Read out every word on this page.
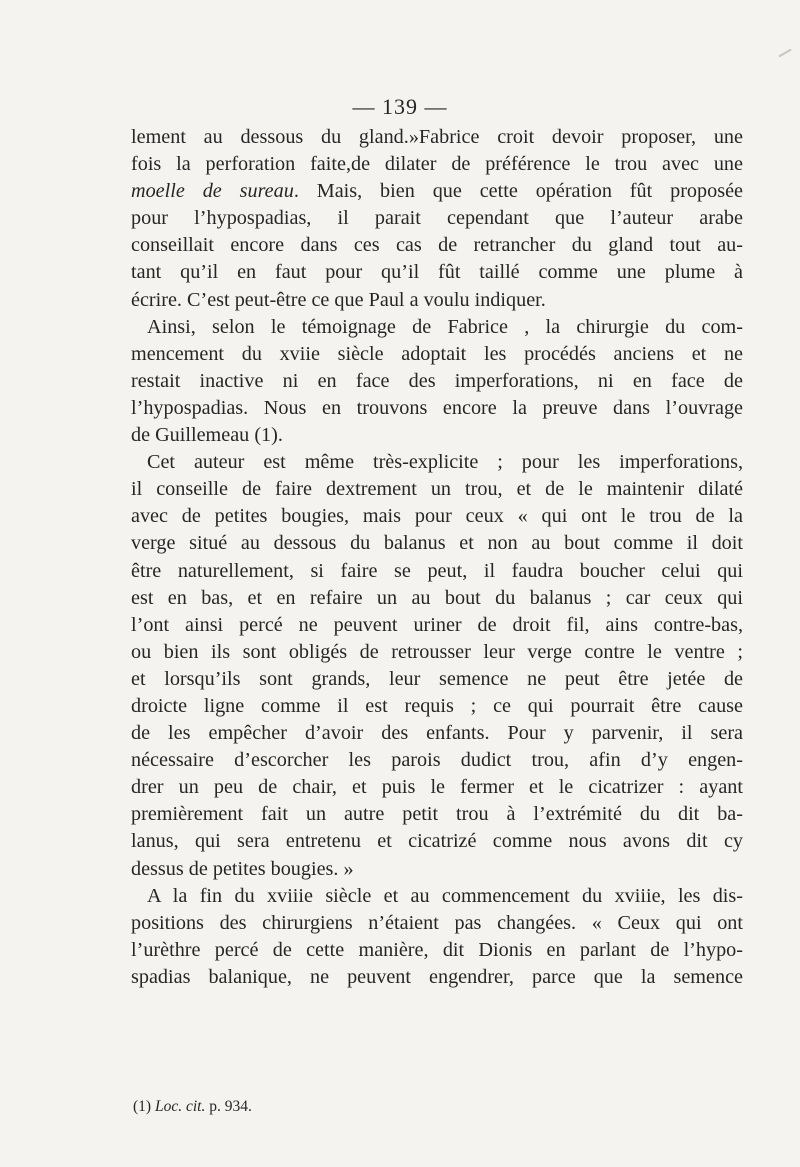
— 139 —
lement au dessous du gland.»Fabrice croit devoir proposer, une
fois la perforation faite,de dilater de préférence le trou avec une
moelle de sureau. Mais, bien que cette opération fût proposée
pour l’hypospadias, il parait cependant que l’auteur arabe
conseillait encore dans ces cas de retrancher du gland tout au-
tant qu’il en faut pour qu’il fût taillé comme une plume à
écrire. C’est peut-être ce que Paul a voulu indiquer.
Ainsi, selon le témoignage de Fabrice , la chirurgie du com-
mencement du xviie siècle adoptait les procédés anciens et ne
restait inactive ni en face des imperforations, ni en face de
l’hypospadias. Nous en trouvons encore la preuve dans l’ouvrage
de Guillemeau (1).
Cet auteur est même très-explicite ; pour les imperforations,
il conseille de faire dextrement un trou, et de le maintenir dilaté
avec de petites bougies, mais pour ceux « qui ont le trou de la
verge situé au dessous du balanus et non au bout comme il doit
être naturellement, si faire se peut, il faudra boucher celui qui
est en bas, et en refaire un au bout du balanus ; car ceux qui
l’ont ainsi percé ne peuvent uriner de droit fil, ains contre-bas,
ou bien ils sont obligés de retrousser leur verge contre le ventre ;
et lorsqu’ils sont grands, leur semence ne peut être jetée de
droicte ligne comme il est requis ; ce qui pourrait être cause
de les empêcher d’avoir des enfants. Pour y parvenir, il sera
nécessaire d’escorcher les parois dudict trou, afin d’y engen-
drer un peu de chair, et puis le fermer et le cicatrizer : ayant
premièrement fait un autre petit trou à l’extrémité du dit ba-
lanus, qui sera entretenu et cicatrizé comme nous avons dit cy
dessus de petites bougies. »
A la fin du xviiie siècle et au commencement du xviiie, les dis-
positions des chirurgiens n’étaient pas changées. « Ceux qui ont
l’urèthre percé de cette manière, dit Dionis en parlant de l’hypo-
spadias balanique, ne peuvent engendrer, parce que la semence
(1) Loc. cit. p. 934.
